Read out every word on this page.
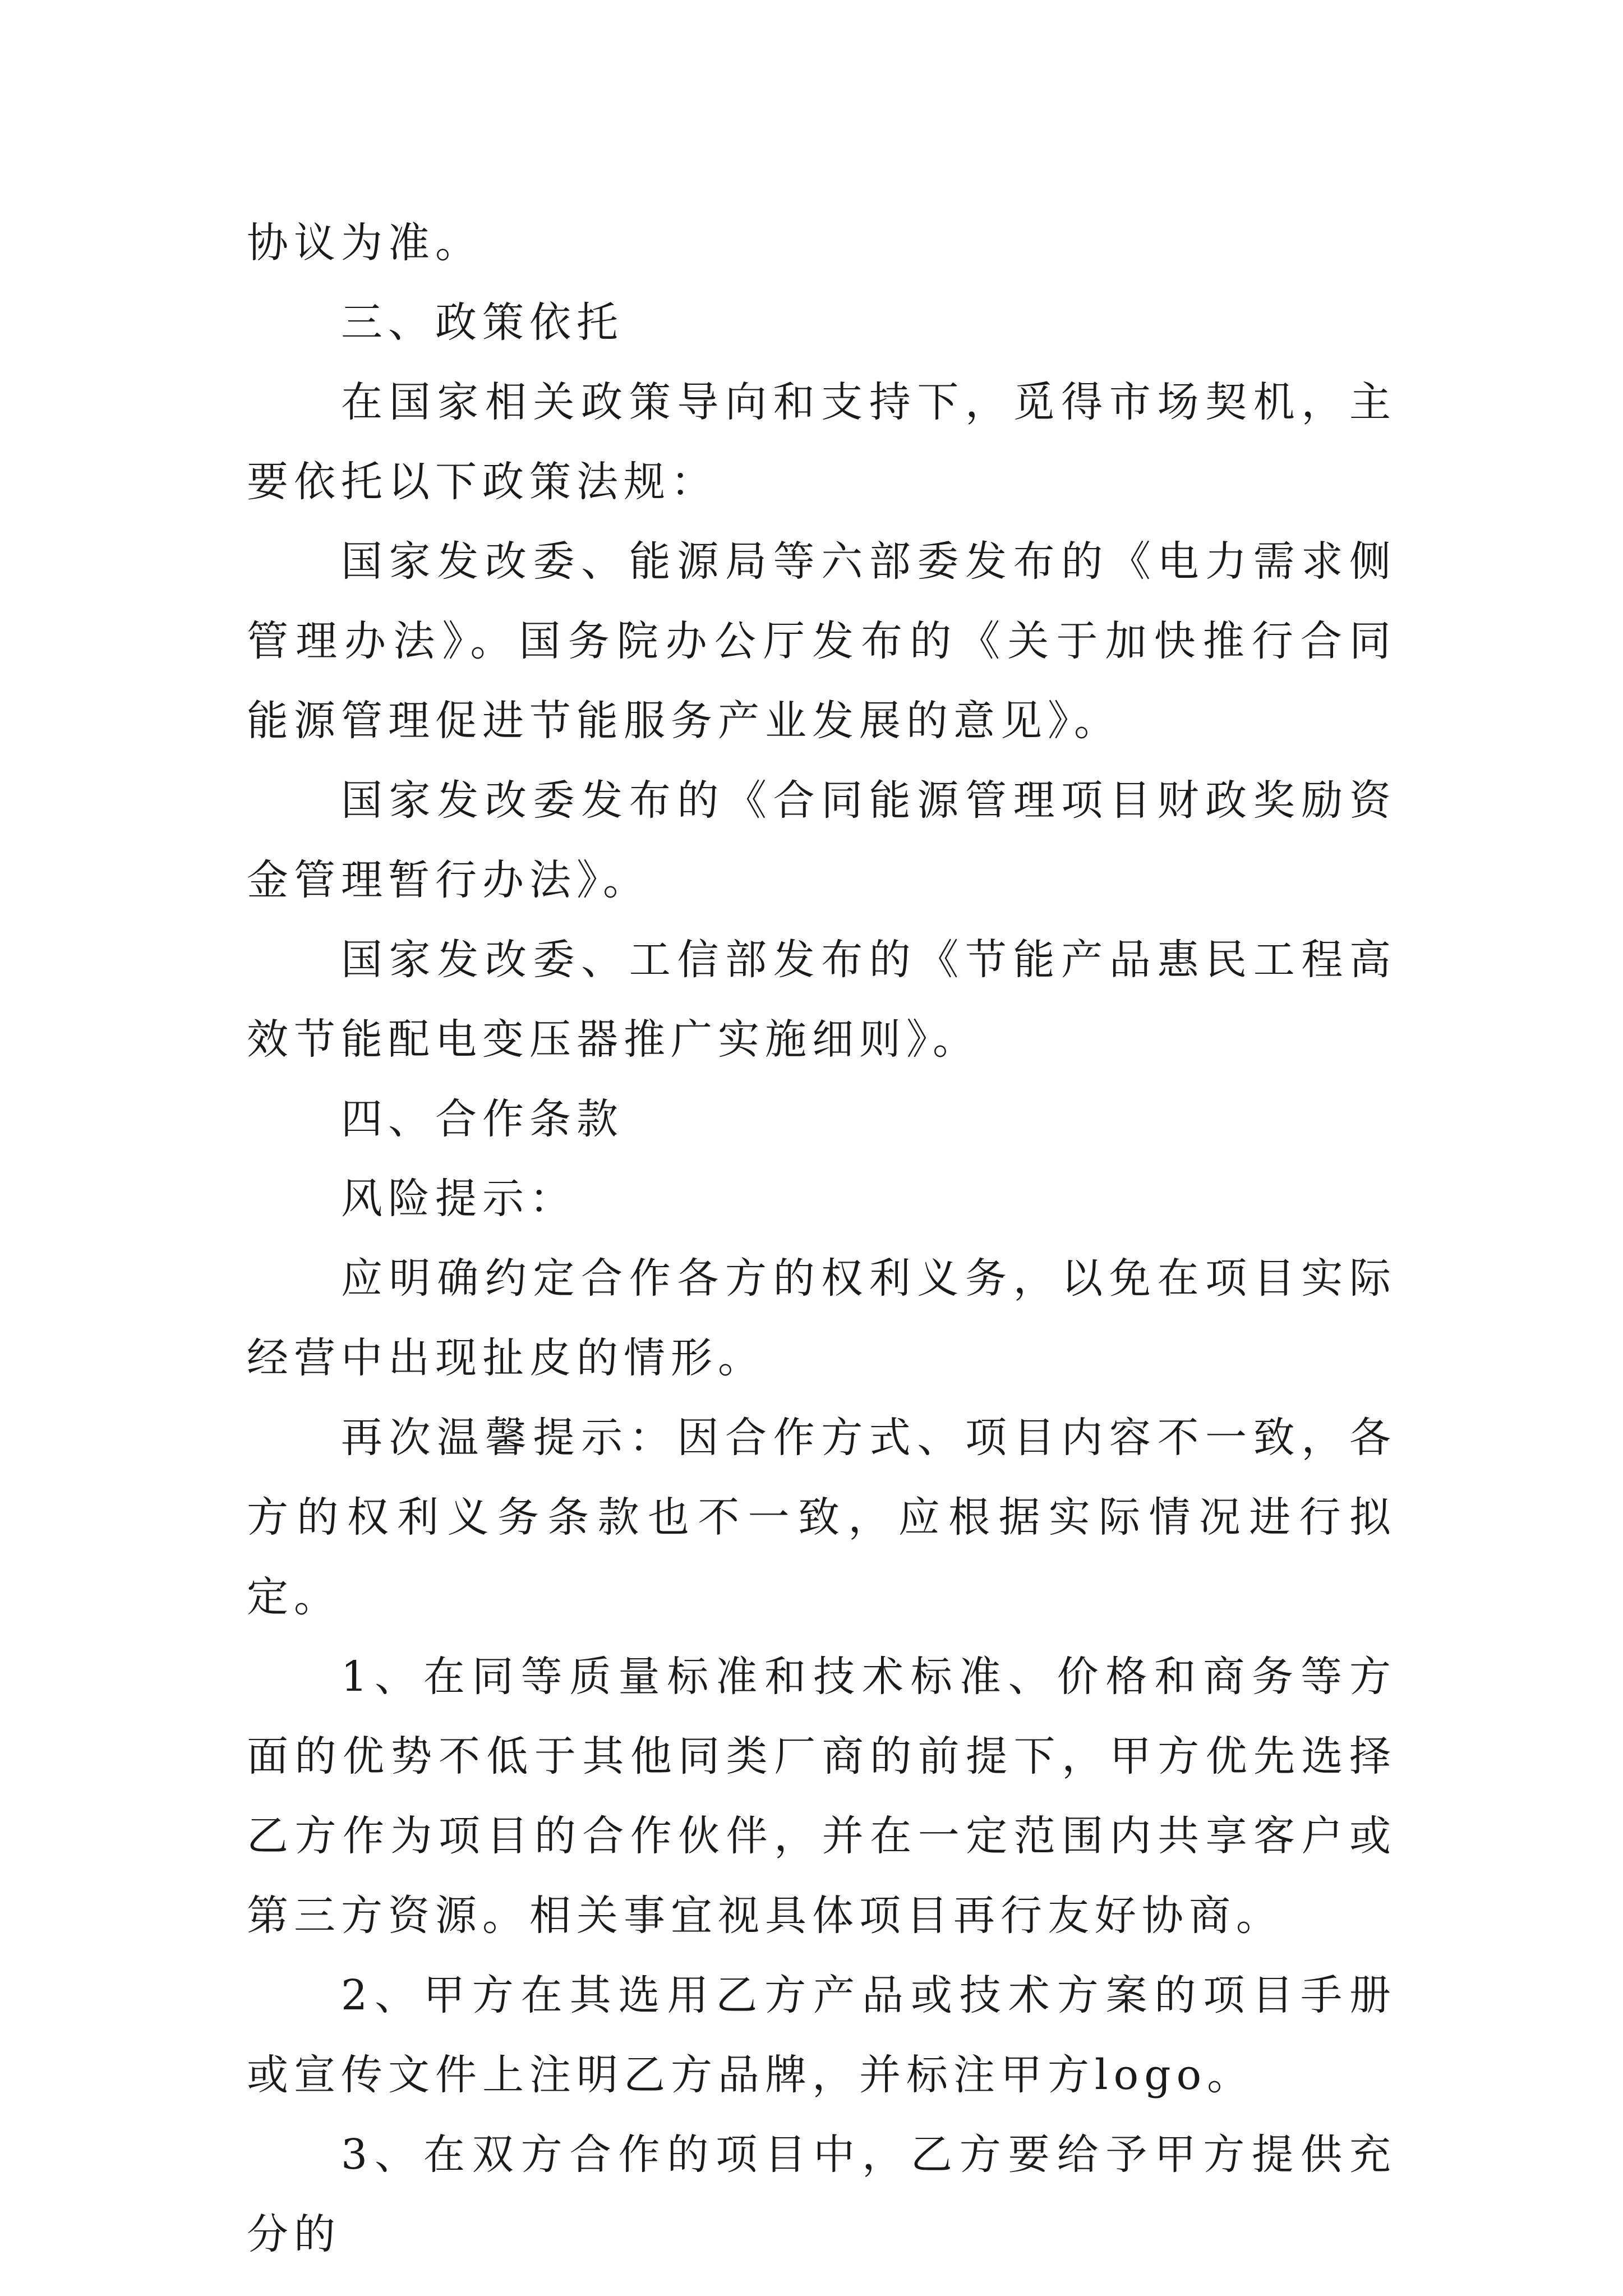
协议为准。

三、政策依托

在国家相关政策导向和支持下，觅得市场契机，主要依托以下政策法规：

国家发改委、能源局等六部委发布的《电力需求侧管理办法》。国务院办公厅发布的《关于加快推行合同能源管理促进节能服务产业发展的意见》。

国家发改委发布的《合同能源管理项目财政奖励资金管理暂行办法》。

国家发改委、工信部发布的《节能产品惠民工程高效节能配电变压器推广实施细则》。

四、合作条款

风险提示：

应明确约定合作各方的权利义务，以免在项目实际经营中出现扯皮的情形。

再次温馨提示：因合作方式、项目内容不一致，各方的权利义务条款也不一致，应根据实际情况进行拟定。

1、在同等质量标准和技术标准、价格和商务等方面的优势不低于其他同类厂商的前提下，甲方优先选择乙方作为项目的合作伙伴，并在一定范围内共享客户或第三方资源。相关事宜视具体项目再行友好协商。

2、甲方在其选用乙方产品或技术方案的项目手册或宣传文件上注明乙方品牌，并标注甲方logo。

3、在双方合作的项目中，乙方要给予甲方提供充分的
